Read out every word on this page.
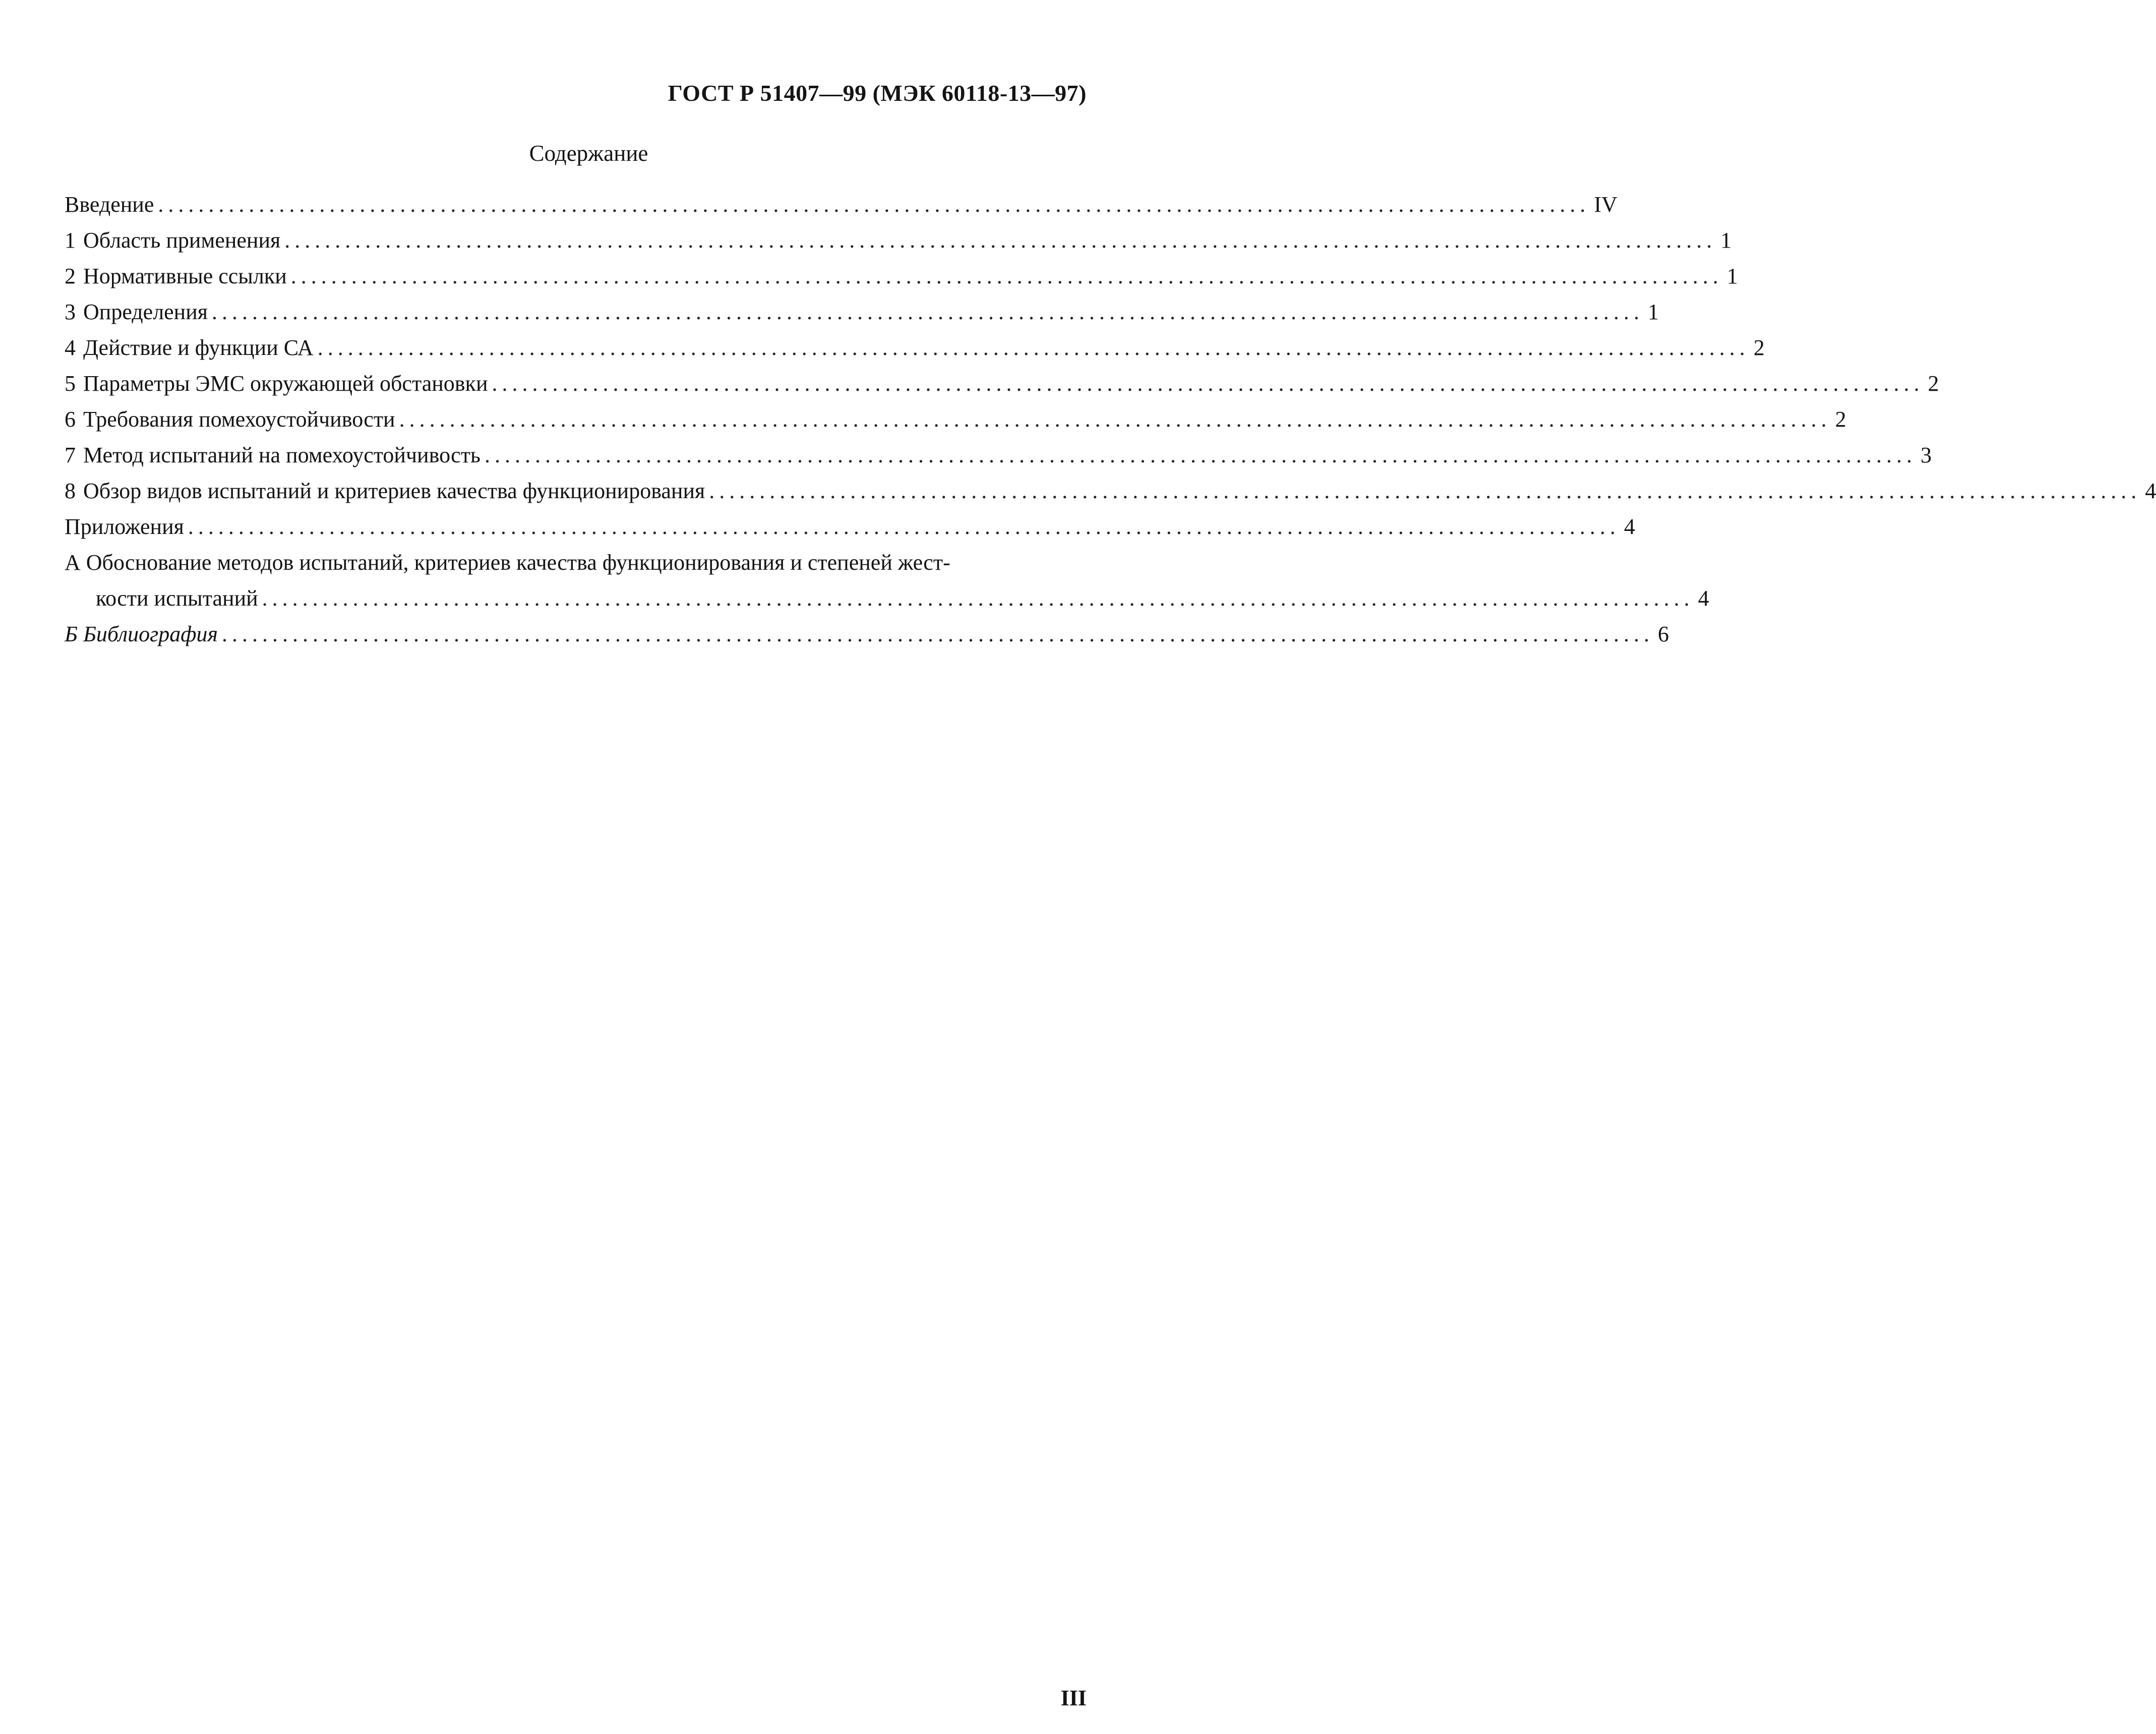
ГОСТ Р 51407—99 (МЭК 60118-13—97)
Содержание
Введение .............................................................................................................................................. IV
1 Область применения .............................................................................................................................................. 1
2 Нормативные ссылки .............................................................................................................................................. 1
3 Определения .............................................................................................................................................. 1
4 Действие и функции СА .............................................................................................................................................. 2
5 Параметры ЭМС окружающей обстановки .............................................................................................................................................. 2
6 Требования помехоустойчивости .............................................................................................................................................. 2
7 Метод испытаний на помехоустойчивость .............................................................................................................................................. 3
8 Обзор видов испытаний и критериев качества функционирования .............................................................................................................................................. 4
Приложения .............................................................................................................................................. 4
А Обоснование методов испытаний, критериев качества функционирования и степеней жест-
кости испытаний .............................................................................................................................................. 4
Б Библиография .............................................................................................................................................. 6
III
